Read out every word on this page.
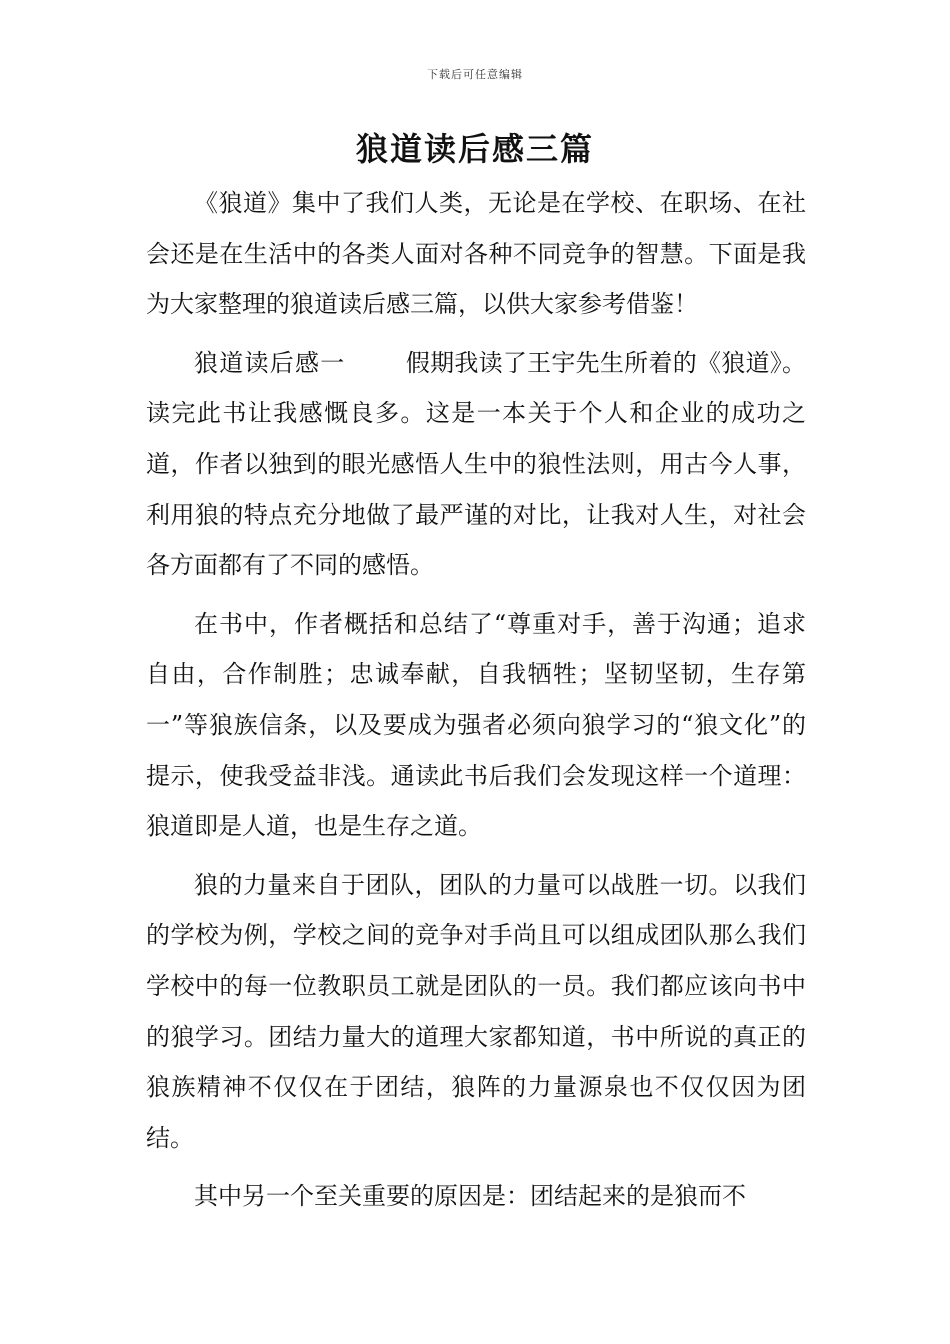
下载后可任意编辑
狼道读后感三篇

《狼道》集中了我们人类，无论是在学校、在职场、在社会还是在生活中的各类人面对各种不同竞争的智慧。下面是我为大家整理的狼道读后感三篇，以供大家参考借鉴！

狼道读后感一	假期我读了王宇先生所着的《狼道》。读完此书让我感慨良多。这是一本关于个人和企业的成功之道，作者以独到的眼光感悟人生中的狼性法则，用古今人事，利用狼的特点充分地做了最严谨的对比，让我对人生，对社会各方面都有了不同的感悟。

在书中，作者概括和总结了“尊重对手，善于沟通；追求自由，合作制胜；忠诚奉献，自我牺牲；坚韧坚韧，生存第一”等狼族信条，以及要成为强者必须向狼学习的“狼文化”的提示，使我受益非浅。通读此书后我们会发现这样一个道理：狼道即是人道，也是生存之道。

狼的力量来自于团队，团队的力量可以战胜一切。以我们的学校为例，学校之间的竞争对手尚且可以组成团队那么我们学校中的每一位教职员工就是团队的一员。我们都应该向书中的狼学习。团结力量大的道理大家都知道，书中所说的真正的狼族精神不仅仅在于团结，狼阵的力量源泉也不仅仅因为团结。

其中另一个至关重要的原因是：团结起来的是狼而不
